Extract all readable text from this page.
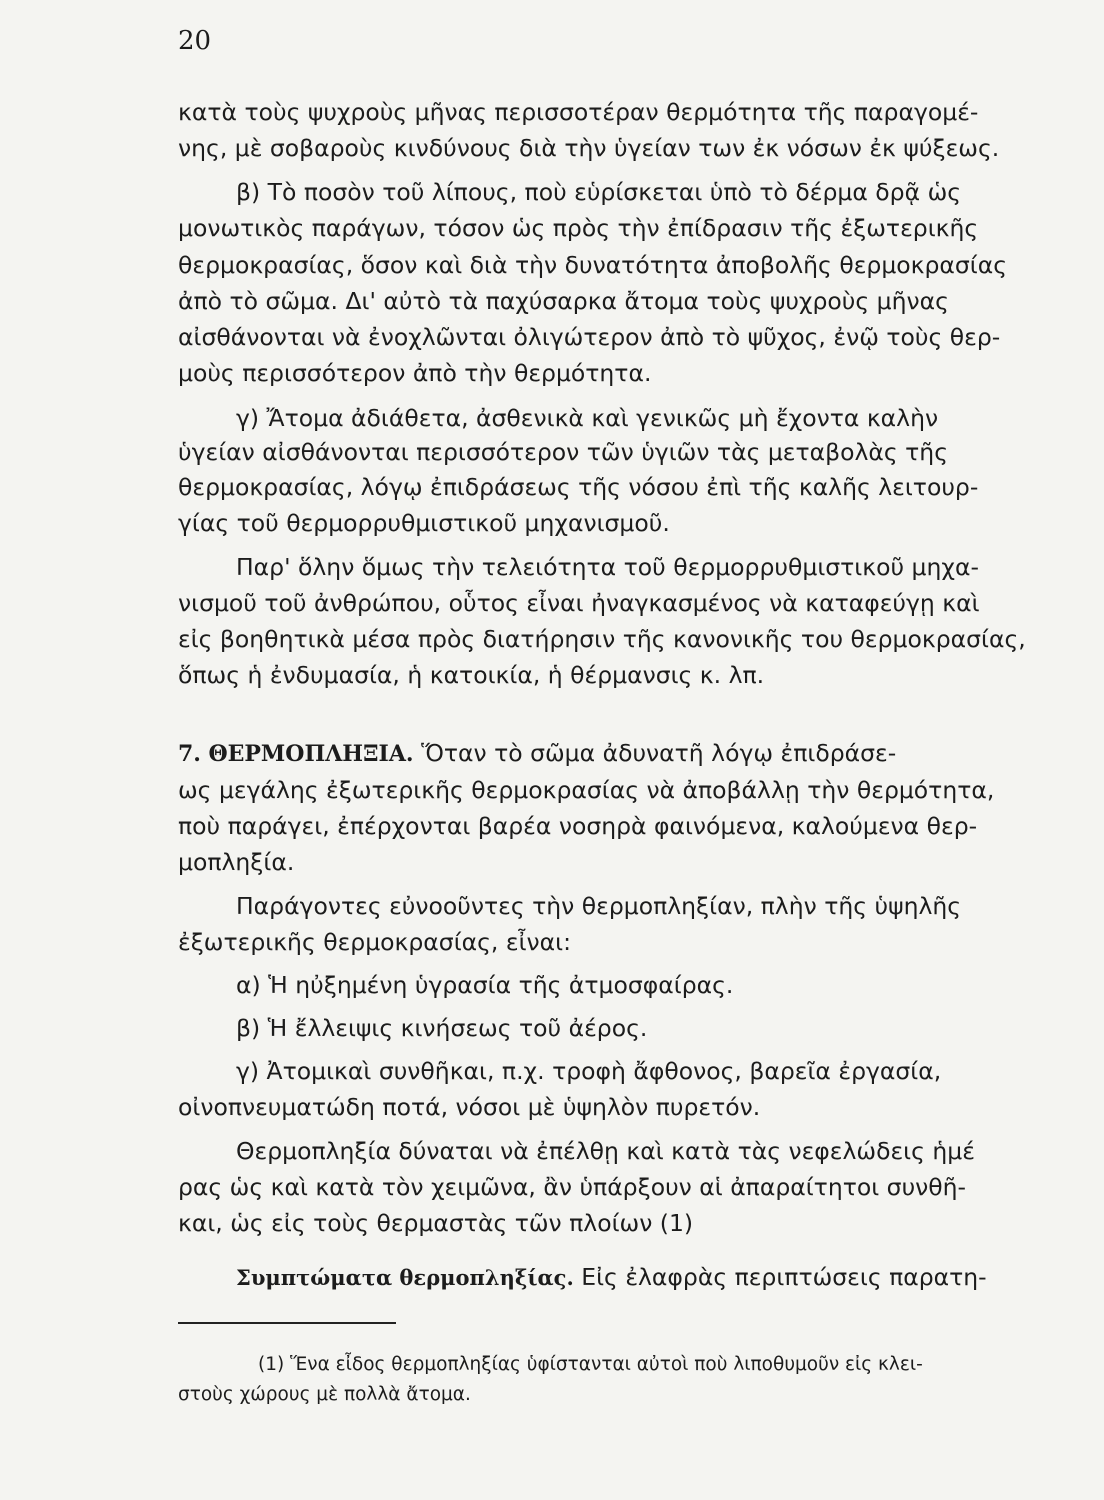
20
κατὰ τοὺς ψυχροὺς μῆνας περισσοτέραν θερμότητα τῆς παραγομέ-
νης, μὲ σοβαροὺς κινδύνους διὰ τὴν ὑγείαν των ἐκ νόσων ἐκ ψύξεως.
β) Τὸ ποσὸν τοῦ λίπους, ποὺ εὑρίσκεται ὑπὸ τὸ δέρμα δρᾷ ὡς
μονωτικὸς παράγων, τόσον ὡς πρὸς τὴν ἐπίδρασιν τῆς ἐξωτερικῆς
θερμοκρασίας, ὅσον καὶ διὰ τὴν δυνατότητα ἀποβολῆς θερμοκρασίας
ἀπὸ τὸ σῶμα. Δι' αὐτὸ τὰ παχύσαρκα ἄτομα τοὺς ψυχροὺς μῆνας
αἰσθάνονται νὰ ἐνοχλῶνται ὀλιγώτερον ἀπὸ τὸ ψῦχος, ἐνῷ τοὺς θερ-
μοὺς περισσότερον ἀπὸ τὴν θερμότητα.
γ) Ἄτομα ἀδιάθετα, ἀσθενικὰ καὶ γενικῶς μὴ ἔχοντα καλὴν
ὑγείαν αἰσθάνονται περισσότερον τῶν ὑγιῶν τὰς μεταβολὰς τῆς
θερμοκρασίας, λόγῳ ἐπιδράσεως τῆς νόσου ἐπὶ τῆς καλῆς λειτουρ-
γίας τοῦ θερμορρυθμιστικοῦ μηχανισμοῦ.
Παρ' ὅλην ὅμως τὴν τελειότητα τοῦ θερμορρυθμιστικοῦ μηχα-
νισμοῦ τοῦ ἀνθρώπου, οὗτος εἶναι ἠναγκασμένος νὰ καταφεύγῃ καὶ
εἰς βοηθητικὰ μέσα πρὸς διατήρησιν τῆς κανονικῆς του θερμοκρασίας,
ὅπως ἡ ἐνδυμασία, ἡ κατοικία, ἡ θέρμανσις κ. λπ.
7. ΘΕΡΜΟΠΛΗΞΙΑ. Ὅταν τὸ σῶμα ἀδυνατῆ λόγῳ ἐπιδράσε-
ως μεγάλης ἐξωτερικῆς θερμοκρασίας νὰ ἀποβάλλῃ τὴν θερμότητα,
ποὺ παράγει, ἐπέρχονται βαρέα νοσηρὰ φαινόμενα, καλούμενα θερ-
μοπληξία.
Παράγοντες εὐνοοῦντες τὴν θερμοπληξίαν, πλὴν τῆς ὑψηλῆς
ἐξωτερικῆς θερμοκρασίας, εἶναι:
α) Ἡ ηὐξημένη ὑγρασία τῆς ἀτμοσφαίρας.
β) Ἡ ἔλλειψις κινήσεως τοῦ ἀέρος.
γ) Ἀτομικαὶ συνθῆκαι, π.χ. τροφὴ ἄφθονος, βαρεῖα ἐργασία,
οἰνοπνευματώδη ποτά, νόσοι μὲ ὑψηλὸν πυρετόν.
Θερμοπληξία δύναται νὰ ἐπέλθῃ καὶ κατὰ τὰς νεφελώδεις ἡμέ
ρας ὡς καὶ κατὰ τὸν χειμῶνα, ἂν ὑπάρξουν αἱ ἀπαραίτητοι συνθῆ-
και, ὡς εἰς τοὺς θερμαστὰς τῶν πλοίων (1)
Συμπτώματα θερμοπληξίας. Εἰς ἐλαφρὰς περιπτώσεις παρατη-
(1) Ἕνα εἶδος θερμοπληξίας ὑφίστανται αὐτοὶ ποὺ λιποθυμοῦν εἰς κλει-
στοὺς χώρους μὲ πολλὰ ἄτομα.
